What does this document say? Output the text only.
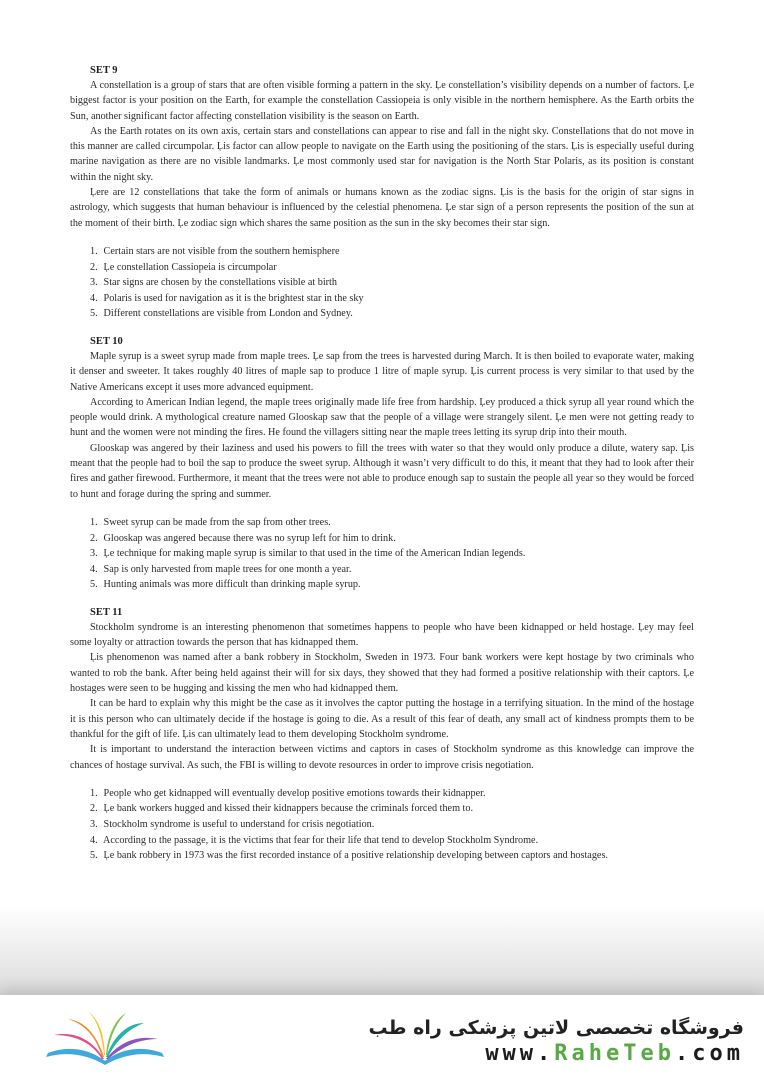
SET 9

A constellation is a group of stars that are often visible forming a pattern in the sky. Ļe constellation’s visibility depends on a number of factors. Ļe biggest factor is your position on the Earth, for example the constellation Cassiopeia is only visible in the northern hemisphere. As the Earth orbits the Sun, another significant factor affecting constellation visibility is the season on Earth.

As the Earth rotates on its own axis, certain stars and constellations can appear to rise and fall in the night sky. Constellations that do not move in this manner are called circumpolar. Ļis factor can allow people to navigate on the Earth using the positioning of the stars. Ļis is especially useful during marine navigation as there are no visible landmarks. Ļe most commonly used star for navigation is the North Star Polaris, as its position is constant within the night sky.

Ļere are 12 constellations that take the form of animals or humans known as the zodiac signs. Ļis is the basis for the origin of star signs in astrology, which suggests that human behaviour is influenced by the celestial phenomena. Ļe star sign of a person represents the position of the sun at the moment of their birth. Ļe zodiac sign which shares the same position as the sun in the sky becomes their star sign.

1. Certain stars are not visible from the southern hemisphere
2. Ļe constellation Cassiopeia is circumpolar
3. Star signs are chosen by the constellations visible at birth
4. Polaris is used for navigation as it is the brightest star in the sky
5. Different constellations are visible from London and Sydney.
SET 10

Maple syrup is a sweet syrup made from maple trees. Ļe sap from the trees is harvested during March. It is then boiled to evaporate water, making it denser and sweeter. It takes roughly 40 litres of maple sap to produce 1 litre of maple syrup. Ļis current process is very similar to that used by the Native Americans except it uses more advanced equipment.

According to American Indian legend, the maple trees originally made life free from hardship. Ļey produced a thick syrup all year round which the people would drink. A mythological creature named Glooskap saw that the people of a village were strangely silent. Ļe men were not getting ready to hunt and the women were not minding the fires. He found the villagers sitting near the maple trees letting its syrup drip into their mouth.

Glooskap was angered by their laziness and used his powers to fill the trees with water so that they would only produce a dilute, watery sap. Ļis meant that the people had to boil the sap to produce the sweet syrup. Although it wasn’t very difficult to do this, it meant that they had to look after their fires and gather firewood. Furthermore, it meant that the trees were not able to produce enough sap to sustain the people all year so they would be forced to hunt and forage during the spring and summer.

1. Sweet syrup can be made from the sap from other trees.
2. Glooskap was angered because there was no syrup left for him to drink.
3. Ļe technique for making maple syrup is similar to that used in the time of the American Indian legends.
4. Sap is only harvested from maple trees for one month a year.
5. Hunting animals was more difficult than drinking maple syrup.
SET 11

Stockholm syndrome is an interesting phenomenon that sometimes happens to people who have been kidnapped or held hostage. Ļey may feel some loyalty or attraction towards the person that has kidnapped them.

Ļis phenomenon was named after a bank robbery in Stockholm, Sweden in 1973. Four bank workers were kept hostage by two criminals who wanted to rob the bank. After being held against their will for six days, they showed that they had formed a positive relationship with their captors. Ļe hostages were seen to be hugging and kissing the men who had kidnapped them.

It can be hard to explain why this might be the case as it involves the captor putting the hostage in a terrifying situation. In the mind of the hostage it is this person who can ultimately decide if the hostage is going to die. As a result of this fear of death, any small act of kindness prompts them to be thankful for the gift of life. Ļis can ultimately lead to them developing Stockholm syndrome.

It is important to understand the interaction between victims and captors in cases of Stockholm syndrome as this knowledge can improve the chances of hostage survival. As such, the FBI is willing to devote resources in order to improve crisis negotiation.

1. People who get kidnapped will eventually develop positive emotions towards their kidnapper.
2. Ļe bank workers hugged and kissed their kidnappers because the criminals forced them to.
3. Stockholm syndrome is useful to understand for crisis negotiation.
4. According to the passage, it is the victims that fear for their life that tend to develop Stockholm Syndrome.
5. Ļe bank robbery in 1973 was the first recorded instance of a positive relationship developing between captors and hostages.
فروشگاه تخصصی لاتین پزشکی راه طب
www.RaheTeb.com
